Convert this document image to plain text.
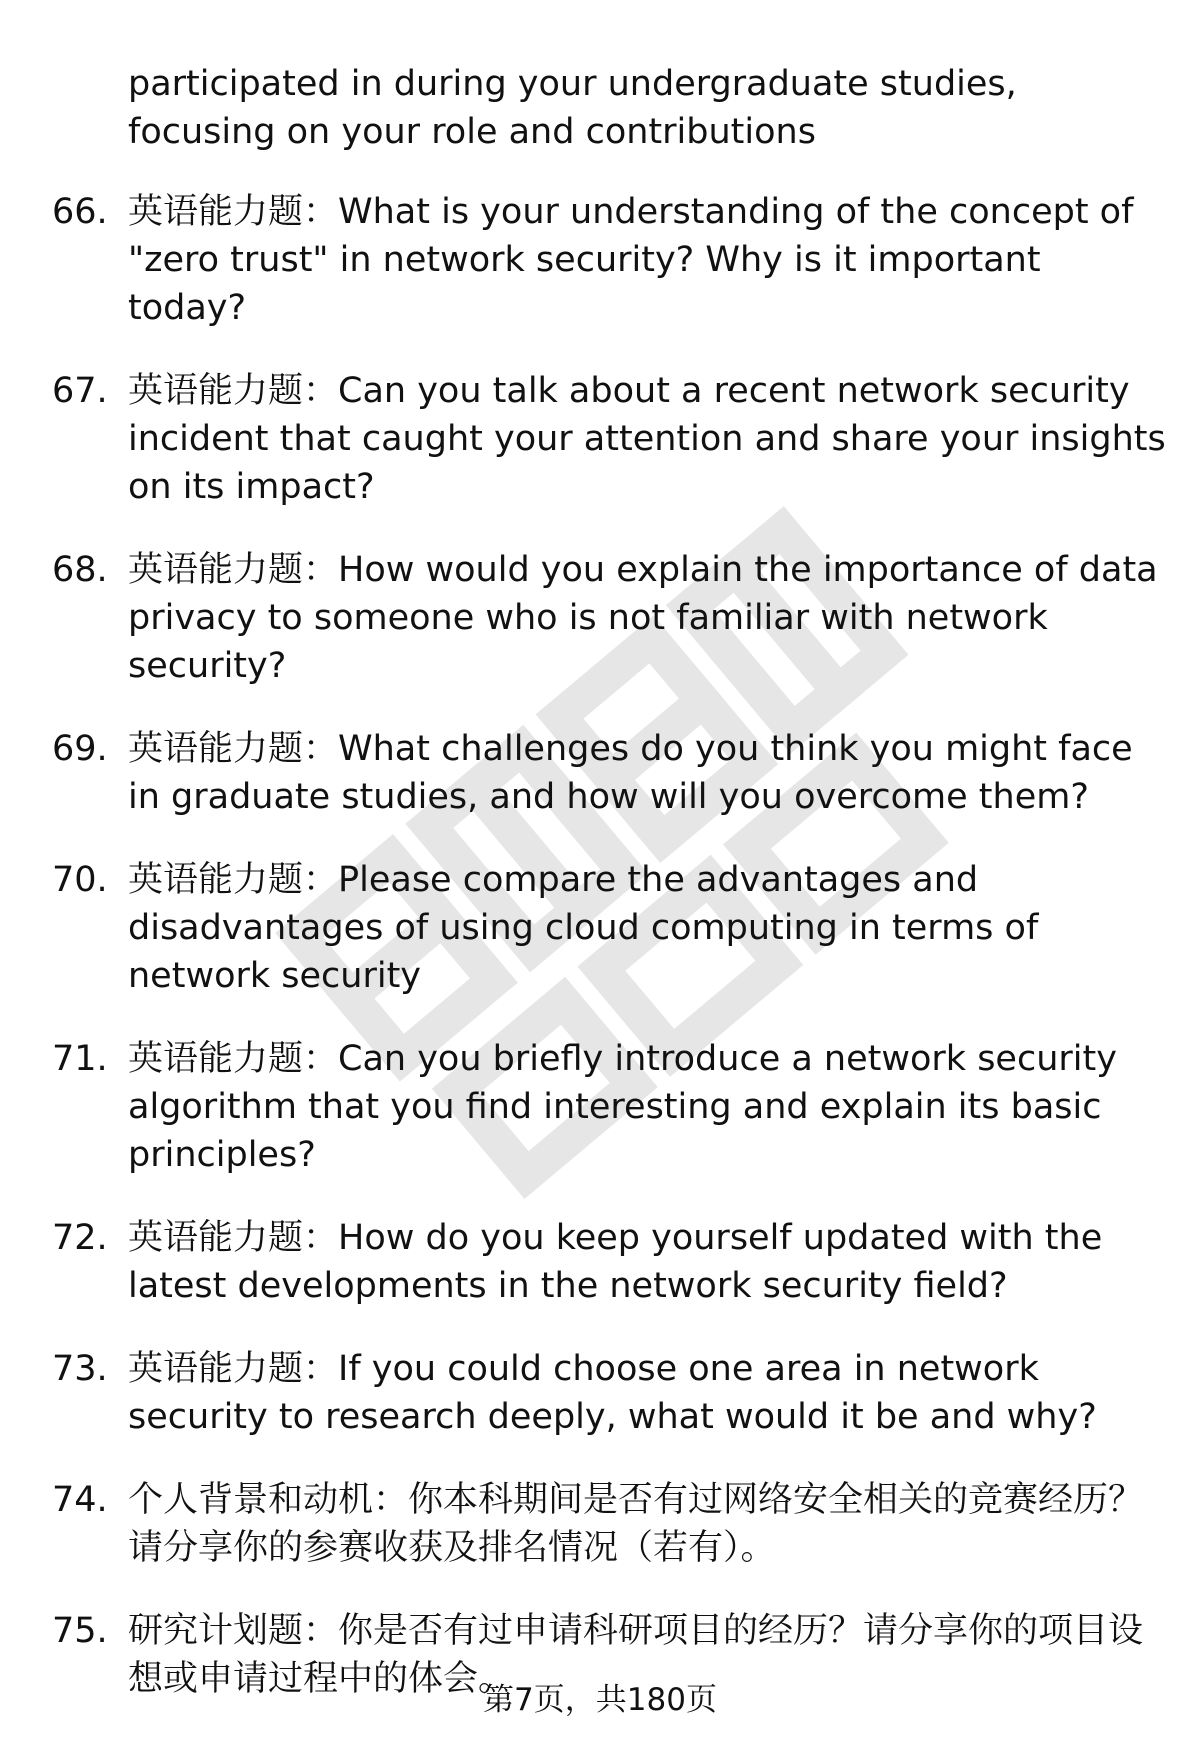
participated in during your undergraduate studies, focusing on your role and contributions
66. 英语能力题：What is your understanding of the concept of "zero trust" in network security? Why is it important today?
67. 英语能力题：Can you talk about a recent network security incident that caught your attention and share your insights on its impact?
68. 英语能力题：How would you explain the importance of data privacy to someone who is not familiar with network security?
69. 英语能力题：What challenges do you think you might face in graduate studies, and how will you overcome them?
70. 英语能力题：Please compare the advantages and disadvantages of using cloud computing in terms of network security
71. 英语能力题：Can you briefly introduce a network security algorithm that you find interesting and explain its basic principles?
72. 英语能力题：How do you keep yourself updated with the latest developments in the network security field?
73. 英语能力题：If you could choose one area in network security to research deeply, what would it be and why?
74. 个人背景和动机：你本科期间是否有过网络安全相关的竞赛经历？请分享你的参赛收获及排名情况（若有）。
75. 研究计划题：你是否有过申请科研项目的经历？请分享你的项目设想或申请过程中的体会。
第7页，共180页
